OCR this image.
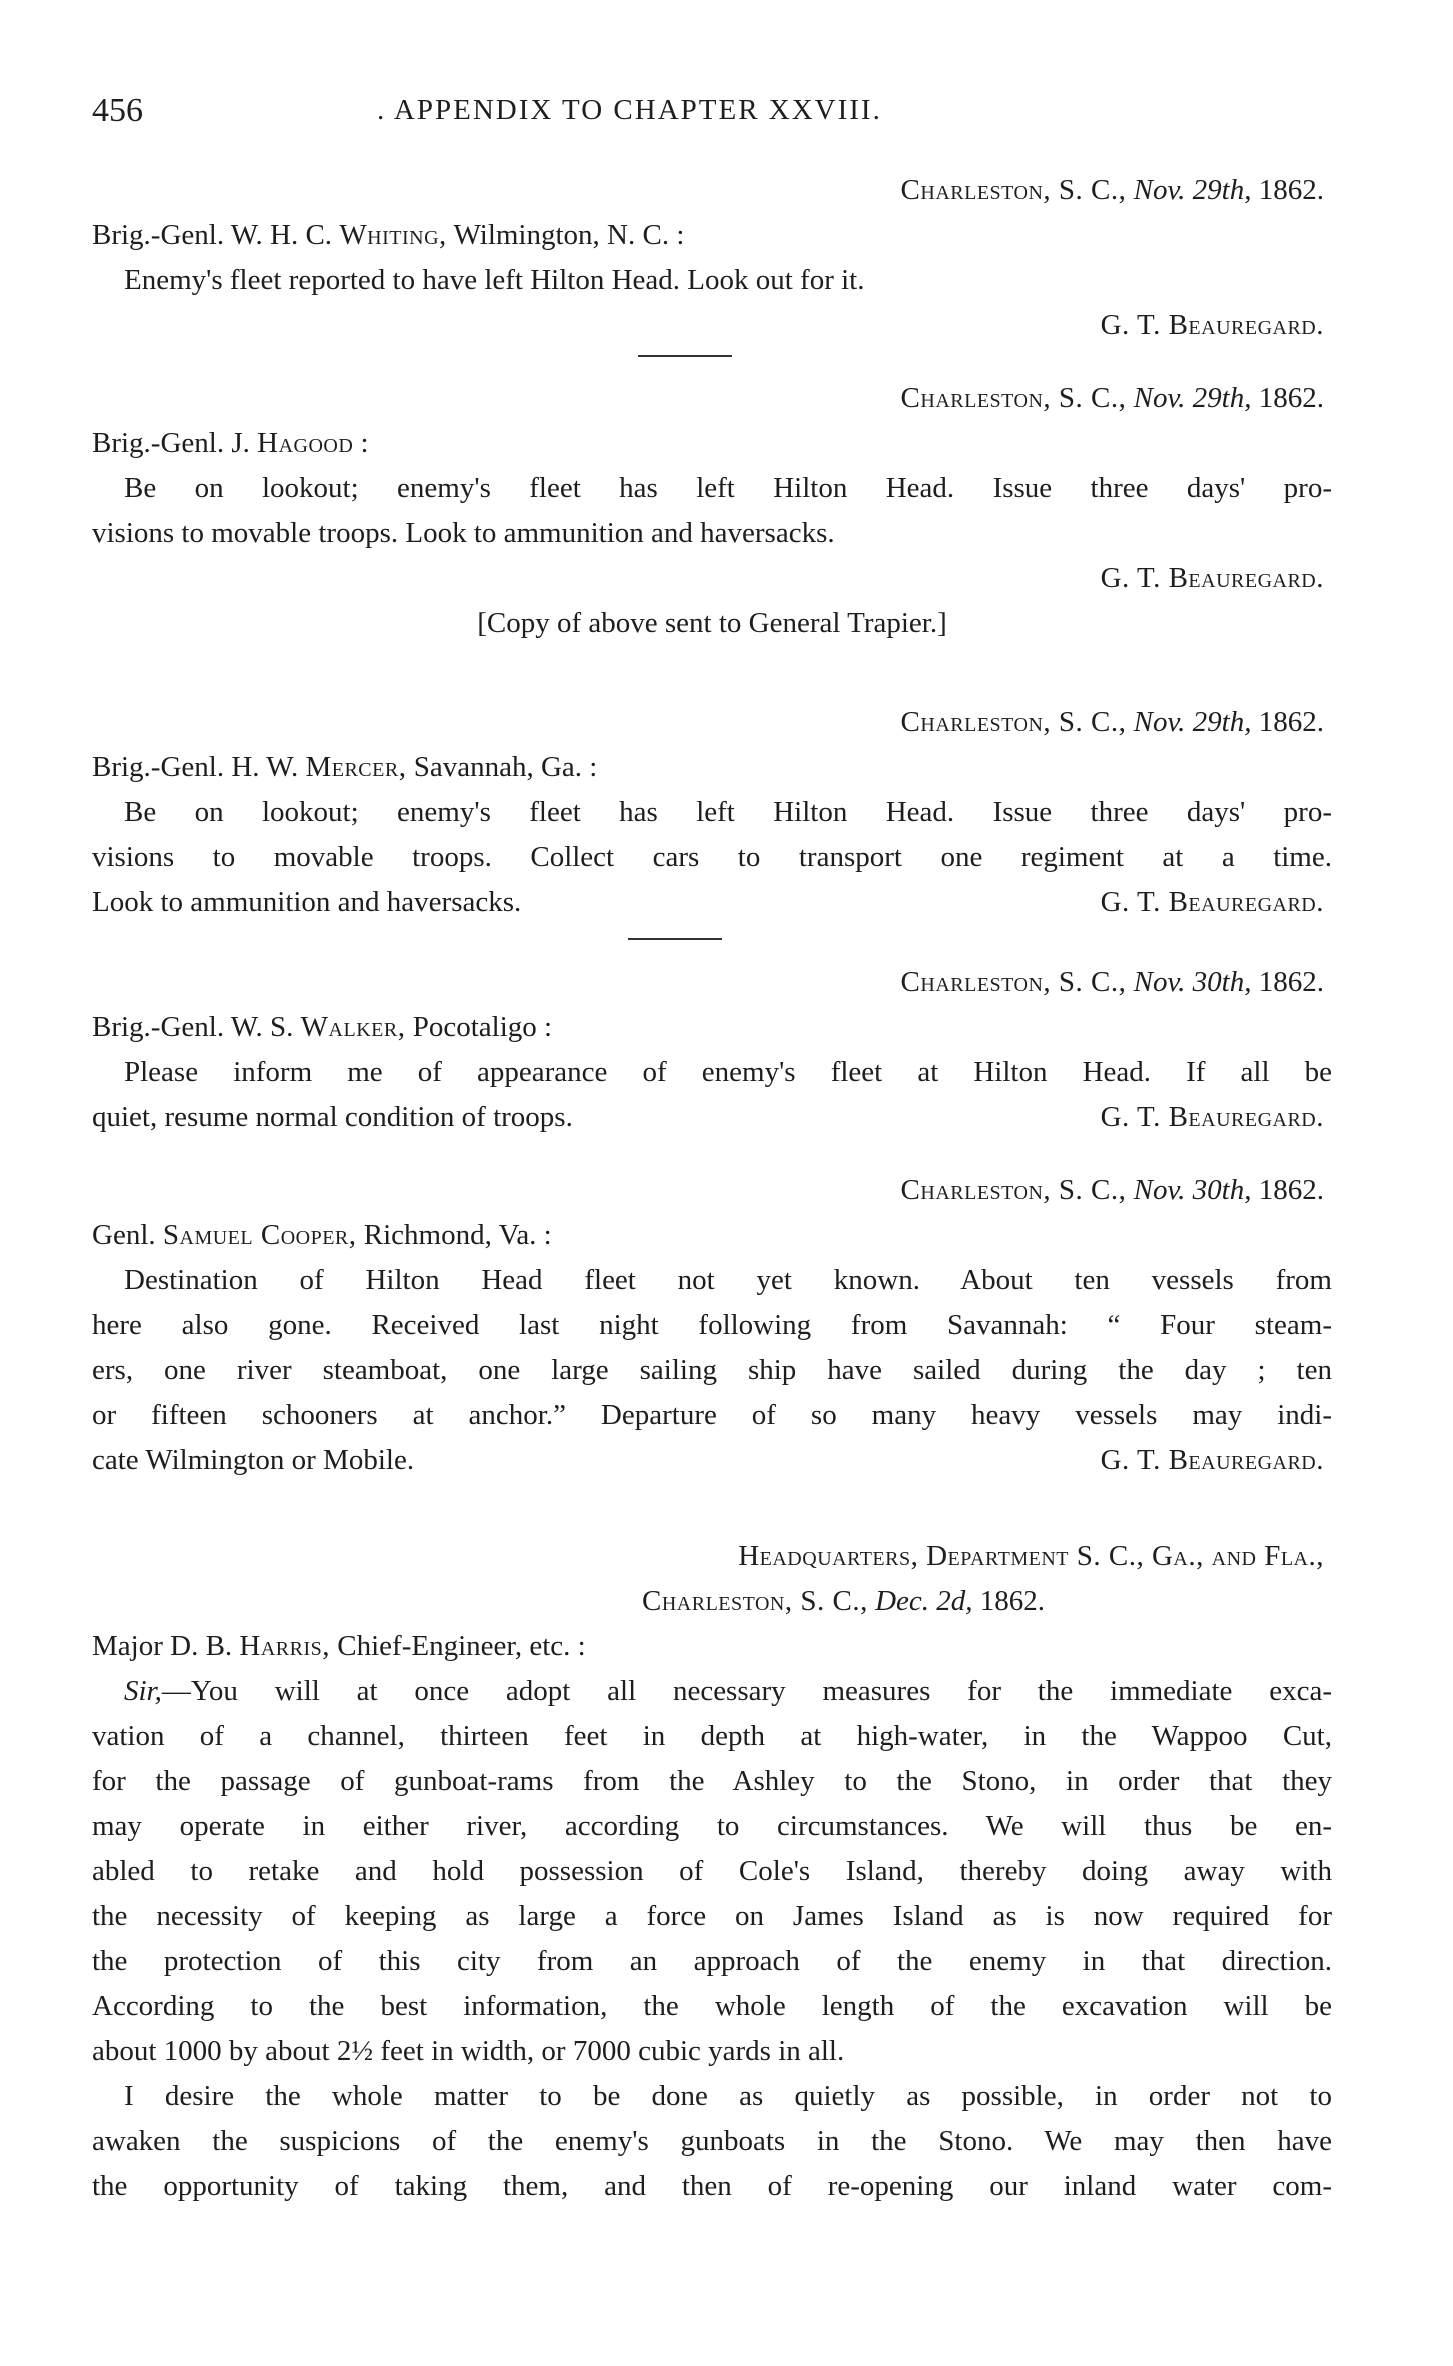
456	. APPENDIX TO CHAPTER XXVIII.
Charleston, S. C., Nov. 29th, 1862.
Brig.-Genl. W. H. C. Whiting, Wilmington, N. C. :
Enemy's fleet reported to have left Hilton Head. Look out for it.
G. T. Beauregard.
Charleston, S. C., Nov. 29th, 1862.
Brig.-Genl. J. Hagood :
Be on lookout; enemy's fleet has left Hilton Head. Issue three days' pro-
visions to movable troops. Look to ammunition and haversacks.
G. T. Beauregard.
[Copy of above sent to General Trapier.]
Charleston, S. C., Nov. 29th, 1862.
Brig.-Genl. H. W. Mercer, Savannah, Ga. :
Be on lookout; enemy's fleet has left Hilton Head. Issue three days' pro-
visions to movable troops. Collect cars to transport one regiment at a time.
Look to ammunition and haversacks.	G. T. Beauregard.
Charleston, S. C., Nov. 30th, 1862.
Brig.-Genl. W. S. Walker, Pocotaligo :
Please inform me of appearance of enemy's fleet at Hilton Head. If all be
quiet, resume normal condition of troops.	G. T. Beauregard.
Charleston, S. C., Nov. 30th, 1862.
Genl. Samuel Cooper, Richmond, Va. :
Destination of Hilton Head fleet not yet known. About ten vessels from
here also gone. Received last night following from Savannah: “ Four steam-
ers, one river steamboat, one large sailing ship have sailed during the day ; ten
or fifteen schooners at anchor.” Departure of so many heavy vessels may indi-
cate Wilmington or Mobile.	G. T. Beauregard.
Headquarters, Department S. C., Ga., and Fla.,
Charleston, S. C., Dec. 2d, 1862.
Major D. B. Harris, Chief-Engineer, etc. :
Sir,—You will at once adopt all necessary measures for the immediate exca-
vation of a channel, thirteen feet in depth at high-water, in the Wappoo Cut,
for the passage of gunboat-rams from the Ashley to the Stono, in order that they
may operate in either river, according to circumstances. We will thus be en-
abled to retake and hold possession of Cole's Island, thereby doing away with
the necessity of keeping as large a force on James Island as is now required for
the protection of this city from an approach of the enemy in that direction.
According to the best information, the whole length of the excavation will be
about 1000 by about 2½ feet in width, or 7000 cubic yards in all.
I desire the whole matter to be done as quietly as possible, in order not to
awaken the suspicions of the enemy's gunboats in the Stono. We may then have
the opportunity of taking them, and then of re-opening our inland water com-
